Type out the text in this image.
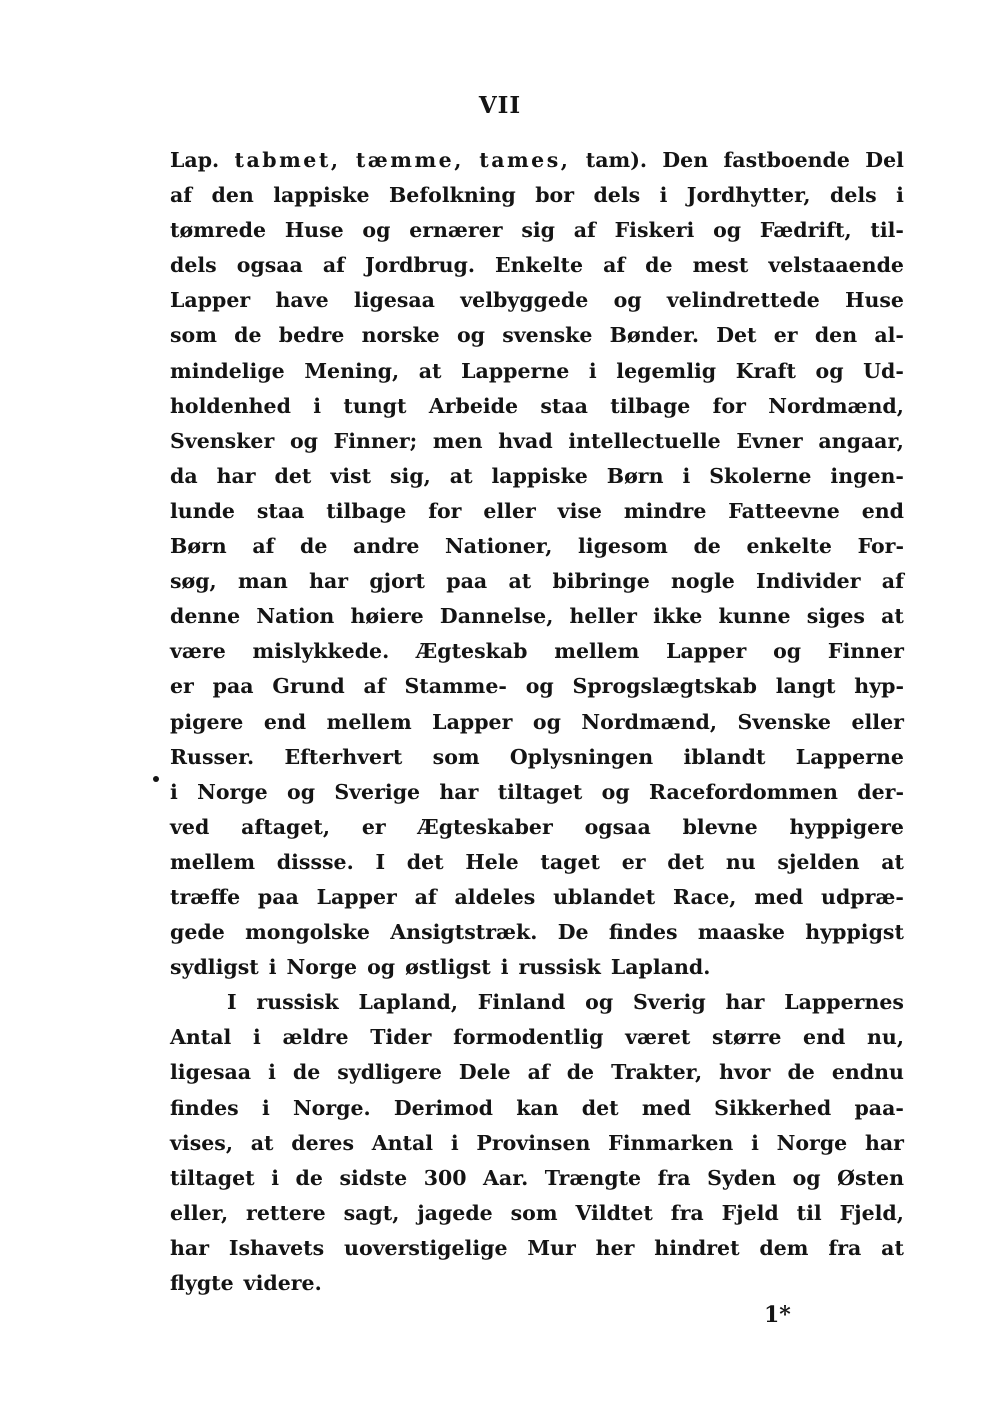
VII
Lap. tabmet, tæmme, tames, tam). Den fastboende Del
af den lappiske Befolkning bor dels i Jordhytter, dels i
tømrede Huse og ernærer sig af Fiskeri og Fædrift, til-
dels ogsaa af Jordbrug. Enkelte af de mest velstaaende
Lapper have ligesaa velbyggede og velindrettede Huse
som de bedre norske og svenske Bønder. Det er den al-
mindelige Mening, at Lapperne i legemlig Kraft og Ud-
holdenhed i tungt Arbeide staa tilbage for Nordmænd,
Svensker og Finner; men hvad intellectuelle Evner angaar,
da har det vist sig, at lappiske Børn i Skolerne ingen-
lunde staa tilbage for eller vise mindre Fatteevne end
Børn af de andre Nationer, ligesom de enkelte For-
søg, man har gjort paa at bibringe nogle Individer af
denne Nation høiere Dannelse, heller ikke kunne siges at
være mislykkede. Ægteskab mellem Lapper og Finner
er paa Grund af Stamme- og Sprogslægtskab langt hyp-
pigere end mellem Lapper og Nordmænd, Svenske eller
Russer. Efterhvert som Oplysningen iblandt Lapperne
i Norge og Sverige har tiltaget og Racefordommen der-
ved aftaget, er Ægteskaber ogsaa blevne hyppigere
mellem dissse. I det Hele taget er det nu sjelden at
træffe paa Lapper af aldeles ublandet Race, med udpræ-
gede mongolske Ansigtstræk. De findes maaske hyppigst
sydligst i Norge og østligst i russisk Lapland.
I russisk Lapland, Finland og Sverig har Lappernes
Antal i ældre Tider formodentlig været større end nu,
ligesaa i de sydligere Dele af de Trakter, hvor de endnu
findes i Norge. Derimod kan det med Sikkerhed paa-
vises, at deres Antal i Provinsen Finmarken i Norge har
tiltaget i de sidste 300 Aar. Trængte fra Syden og Østen
eller, rettere sagt, jagede som Vildtet fra Fjeld til Fjeld,
har Ishavets uoverstigelige Mur her hindret dem fra at
flygte videre.
1*
